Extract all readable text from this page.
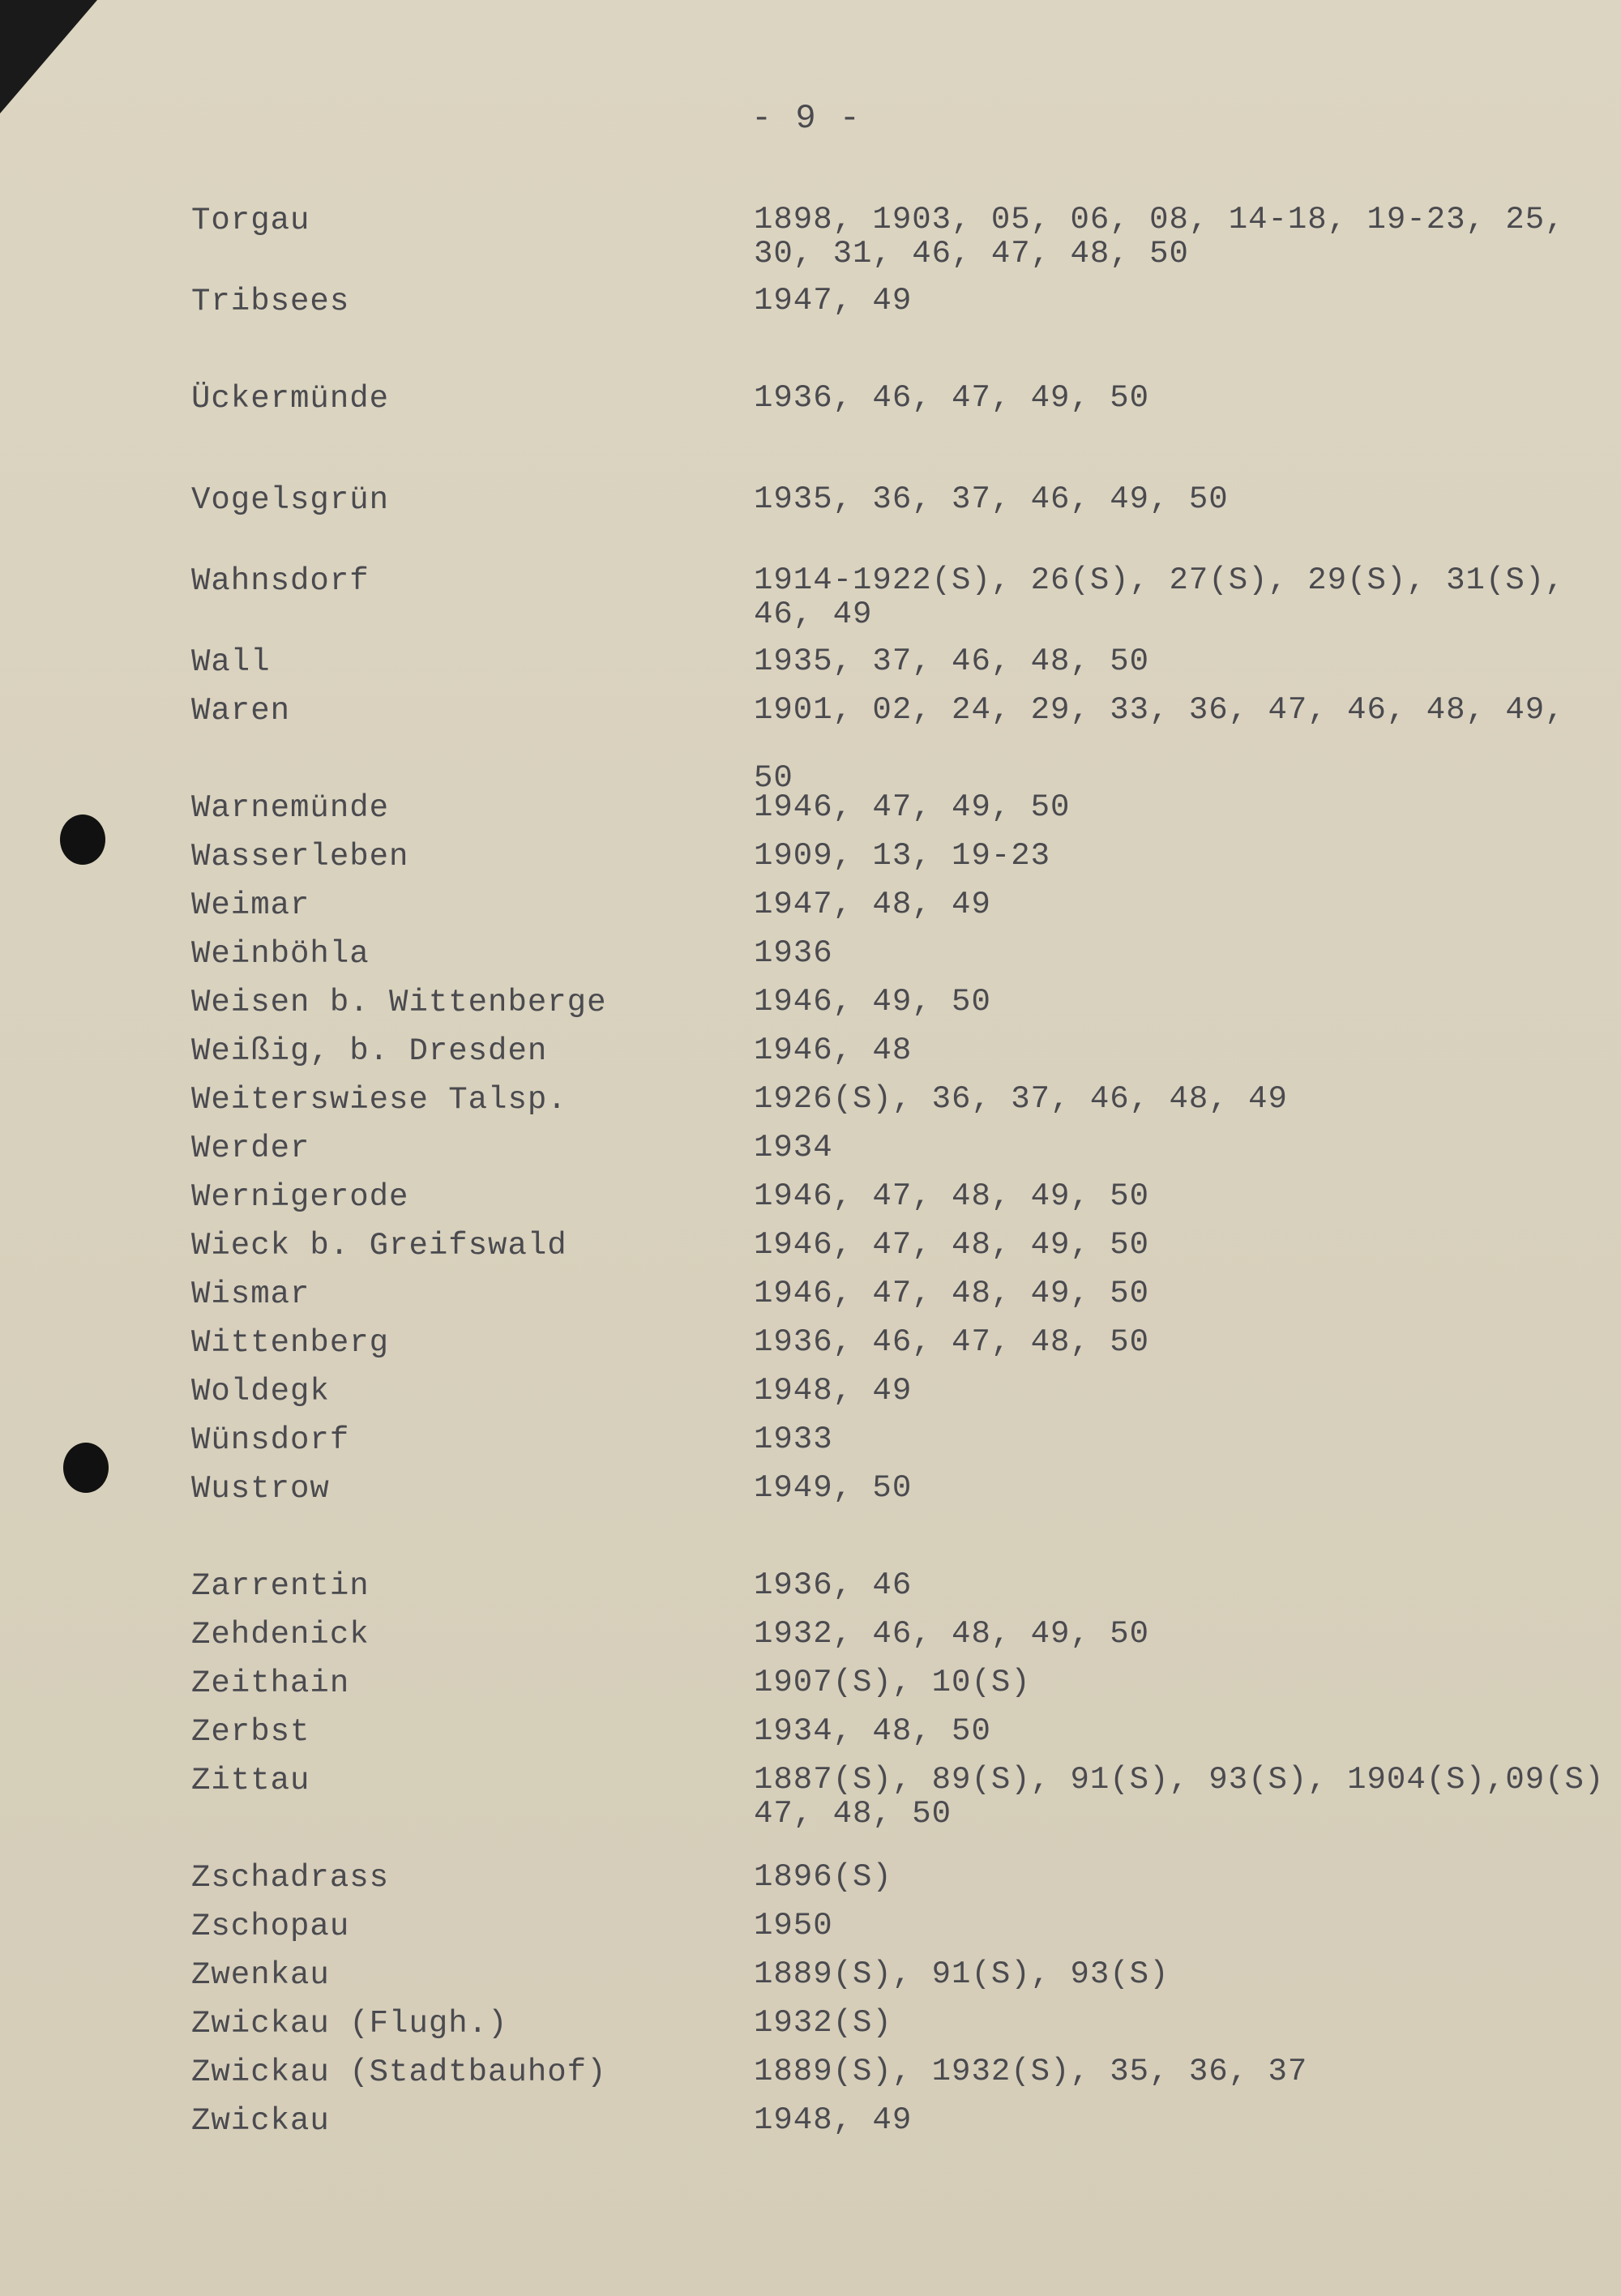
- 9 -
Torgau	1898, 1903, 05, 06, 08, 14-18, 19-23, 25,
30, 31, 46, 47, 48, 50
Tribsees	1947, 49
Ückermünde	1936, 46, 47, 49, 50
Vogelsgrün	1935, 36, 37, 46, 49, 50
Wahnsdorf	1914-1922(S), 26(S), 27(S), 29(S), 31(S),
46, 49
Wall	1935, 37, 46, 48, 50
Waren	1901, 02, 24, 29, 33, 36, 47, 46, 48, 49,

50
Warnemünde	1946, 47, 49, 50
Wasserleben	1909, 13, 19-23
Weimar	1947, 48, 49
Weinböhla	1936
Weisen b. Wittenberge	1946, 49, 50
Weißig, b. Dresden	1946, 48
Weiterswiese Talsp.	1926(S), 36, 37, 46, 48, 49
Werder	1934
Wernigerode	1946, 47, 48, 49, 50
Wieck b. Greifswald	1946, 47, 48, 49, 50
Wismar	1946, 47, 48, 49, 50
Wittenberg	1936, 46, 47, 48, 50
Woldegk	1948, 49
Wünsdorf	1933
Wustrow	1949, 50
Zarrentin	1936, 46
Zehdenick	1932, 46, 48, 49, 50
Zeithain	1907(S), 10(S)
Zerbst	1934, 48, 50
Zittau	1887(S), 89(S), 91(S), 93(S), 1904(S),09(S)
47, 48, 50
Zschadrass	1896(S)
Zschopau	1950
Zwenkau	1889(S), 91(S), 93(S)
Zwickau (Flugh.)	1932(S)
Zwickau (Stadtbauhof)	1889(S), 1932(S), 35, 36, 37
Zwickau	1948, 49
